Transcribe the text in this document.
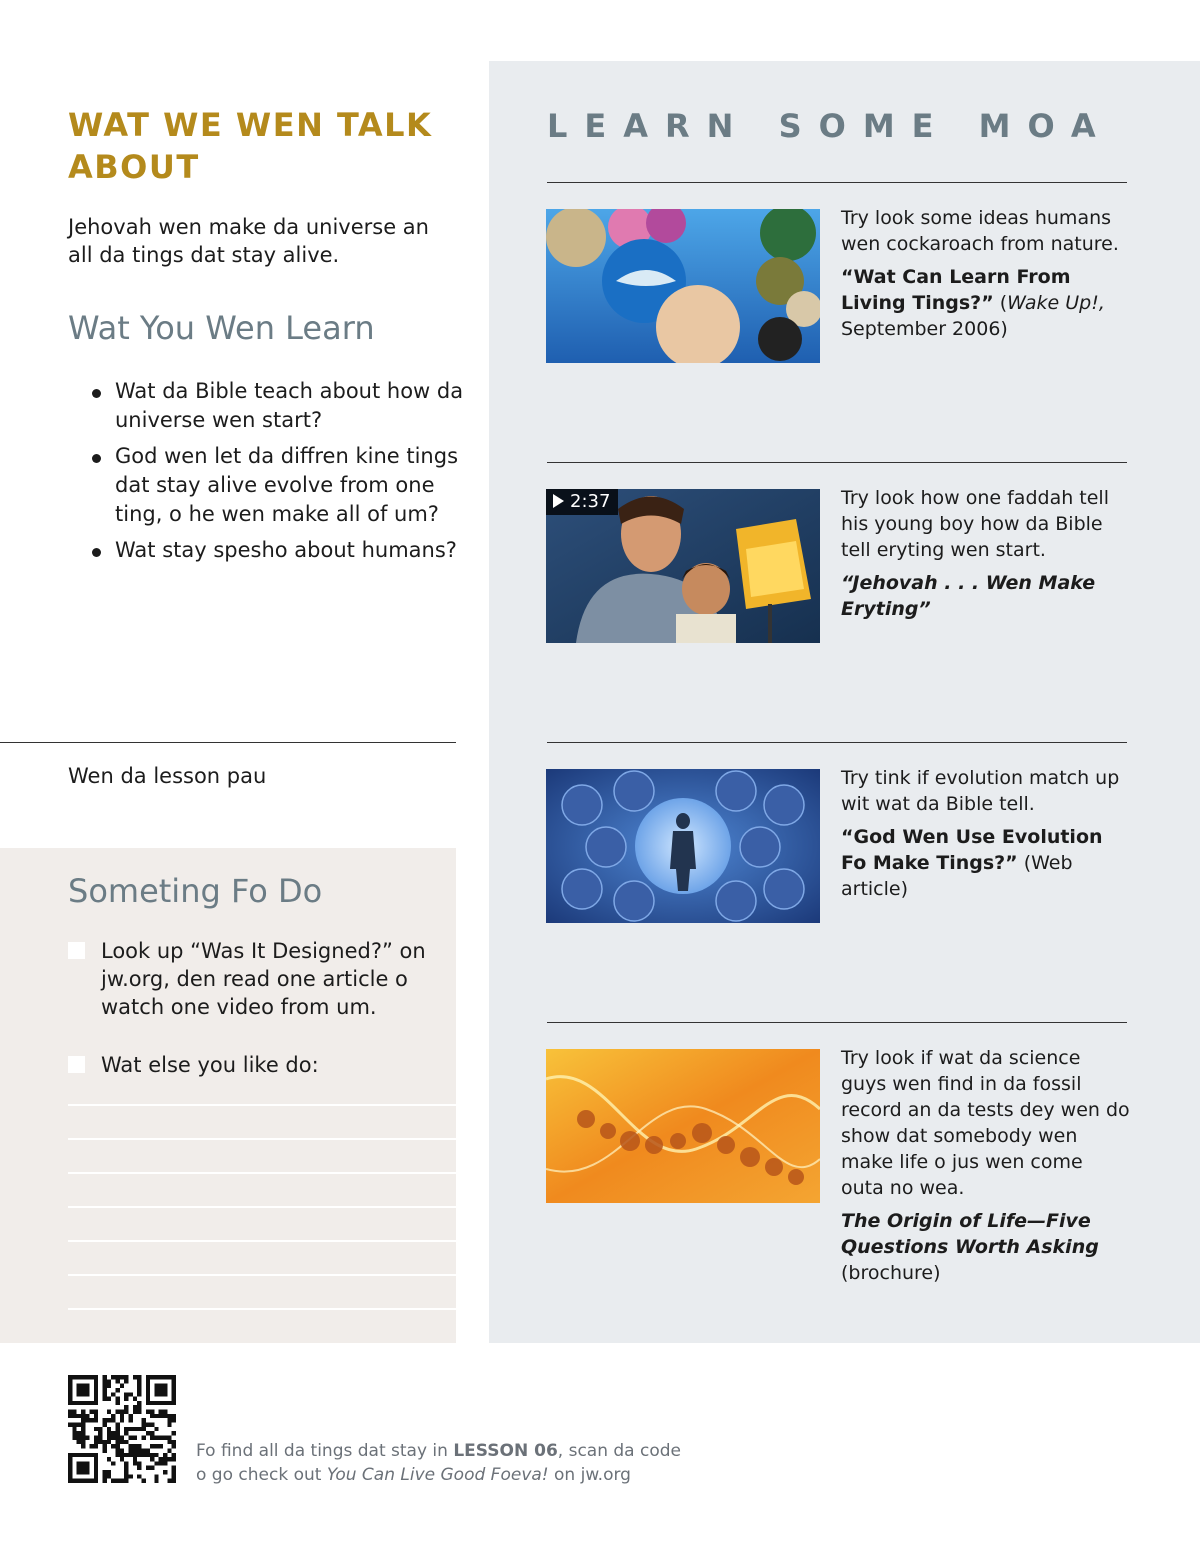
WAT WE WEN TALK ABOUT
Jehovah wen make da universe an all da tings dat stay alive.
Wat You Wen Learn
Wat da Bible teach about how da universe wen start?
God wen let da diffren kine tings dat stay alive evolve from one ting, o he wen make all of um?
Wat stay spesho about humans?
Wen da lesson pau
Someting Fo Do
Look up “Was It Designed?” on jw.org, den read one article o watch one video from um.
Wat else you like do:
LEARN SOME MOA
Try look some ideas humans wen cockaroach from nature.
“Wat Can Learn From Living Tings?” (Wake Up!, September 2006)
2:37	Try look how one faddah tell his young boy how da Bible tell eryting wen start.
“Jehovah . . . Wen Make Eryting”
Try tink if evolution match up wit wat da Bible tell.
“God Wen Use Evolution Fo Make Tings?” (Web article)
Try look if wat da science guys wen find in da fossil record an da tests dey wen do show dat somebody wen make life o jus wen come outa no wea.
The Origin of Life—Five Questions Worth Asking (brochure)
Fo find all da tings dat stay in LESSON 06, scan da code
o go check out You Can Live Good Foeva! on jw.org
